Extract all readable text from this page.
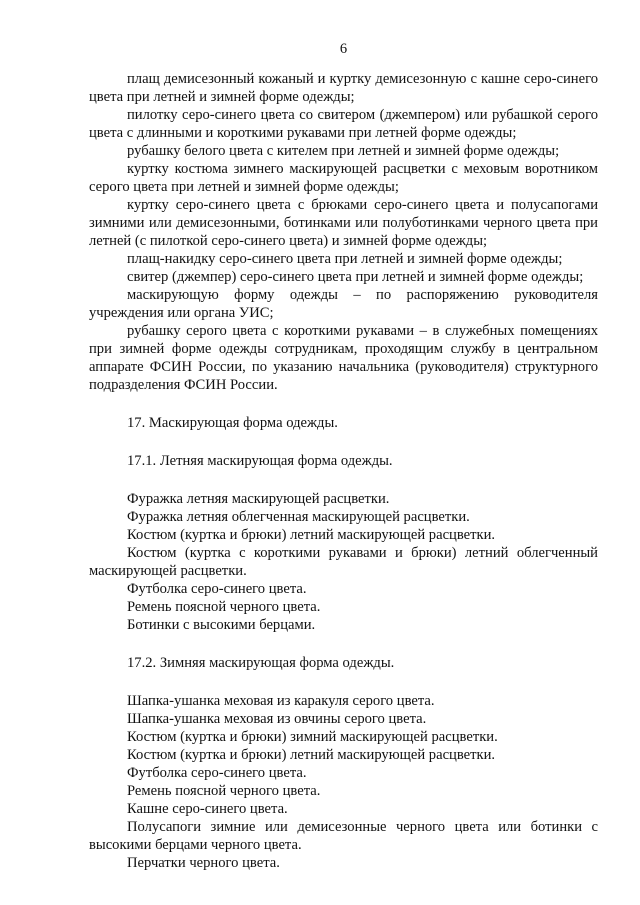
6

плащ демисезонный кожаный и куртку демисезонную с кашне серо-синего цвета при летней и зимней форме одежды;

пилотку серо-синего цвета со свитером (джемпером) или рубашкой серого цвета с длинными и короткими рукавами при летней форме одежды;

рубашку белого цвета с кителем при летней и зимней форме одежды;

куртку костюма зимнего маскирующей расцветки с меховым воротником серого цвета при летней и зимней форме одежды;

куртку серо-синего цвета с брюками серо-синего цвета и полусапогами зимними или демисезонными, ботинками или полуботинками черного цвета при летней (с пилоткой серо-синего цвета) и зимней форме одежды;

плащ-накидку серо-синего цвета при летней и зимней форме одежды;

свитер (джемпер) серо-синего цвета при летней и зимней форме одежды;

маскирующую форму одежды – по распоряжению руководителя учреждения или органа УИС;

рубашку серого цвета с короткими рукавами – в служебных помещениях при зимней форме одежды сотрудникам, проходящим службу в центральном аппарате ФСИН России, по указанию начальника (руководителя) структурного подразделения ФСИН России.

17. Маскирующая форма одежды.

17.1. Летняя маскирующая форма одежды.

Фуражка летняя маскирующей расцветки.

Фуражка летняя облегченная маскирующей расцветки.

Костюм (куртка и брюки) летний маскирующей расцветки.

Костюм (куртка с короткими рукавами и брюки) летний облегченный маскирующей расцветки.

Футболка серо-синего цвета.

Ремень поясной черного цвета.

Ботинки с высокими берцами.

17.2. Зимняя маскирующая форма одежды.

Шапка-ушанка меховая из каракуля серого цвета.

Шапка-ушанка меховая из овчины серого цвета.

Костюм (куртка и брюки) зимний маскирующей расцветки.

Костюм (куртка и брюки) летний маскирующей расцветки.

Футболка серо-синего цвета.

Ремень поясной черного цвета.

Кашне серо-синего цвета.

Полусапоги зимние или демисезонные черного цвета или ботинки с высокими берцами черного цвета.

Перчатки черного цвета.
